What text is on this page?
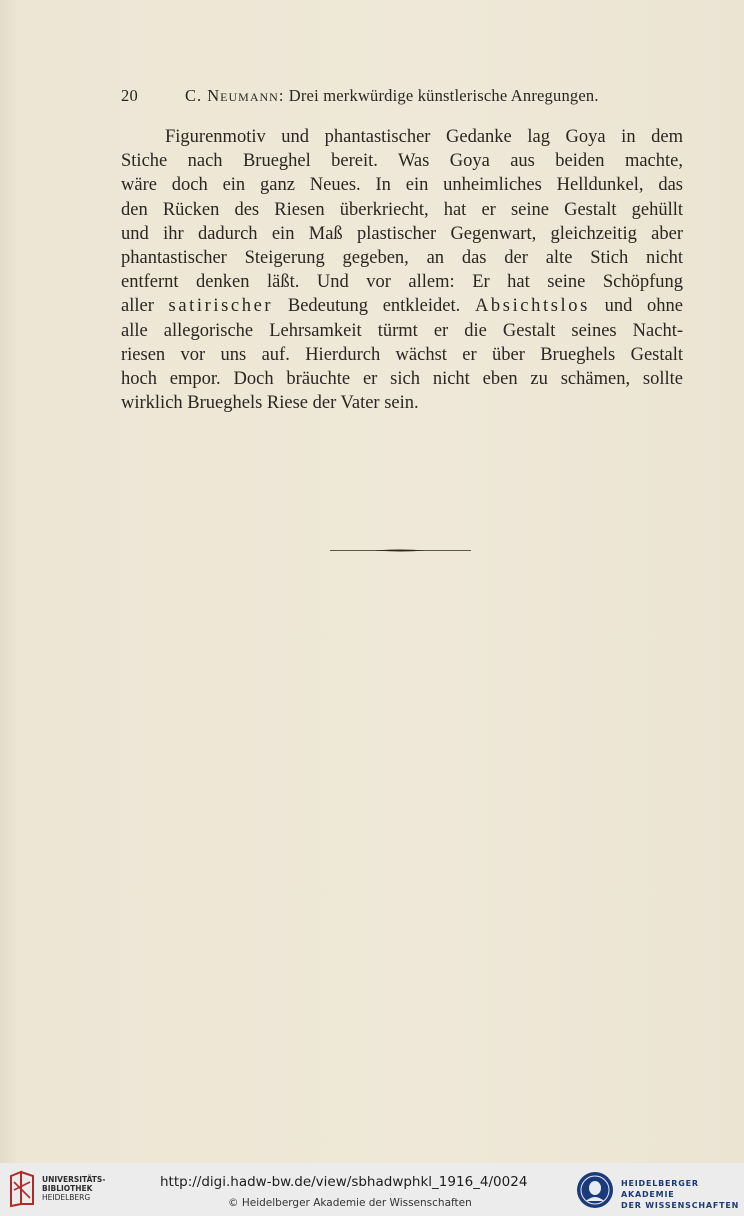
20	C. Neumann: Drei merkwürdige künstlerische Anregungen.
Figurenmotiv und phantastischer Gedanke lag Goya in dem
Stiche nach Brueghel bereit. Was Goya aus beiden machte,
wäre doch ein ganz Neues. In ein unheimliches Helldunkel, das
den Rücken des Riesen überkriecht, hat er seine Gestalt gehüllt
und ihr dadurch ein Maß plastischer Gegenwart, gleichzeitig aber
phantastischer Steigerung gegeben, an das der alte Stich nicht
entfernt denken läßt. Und vor allem: Er hat seine Schöpfung
aller satirischer Bedeutung entkleidet. Absichtslos und ohne
alle allegorische Lehrsamkeit türmt er die Gestalt seines Nacht-
riesen vor uns auf. Hierdurch wächst er über Brueghels Gestalt
hoch empor. Doch bräuchte er sich nicht eben zu schämen, sollte
wirklich Brueghels Riese der Vater sein.
UNIVERSITÄTS-
BIBLIOTHEK
HEIDELBERG
http://digi.hadw-bw.de/view/sbhadwphkl_1916_4/0024
© Heidelberger Akademie der Wissenschaften
HEIDELBERGER AKADEMIE
DER WISSENSCHAFTEN
